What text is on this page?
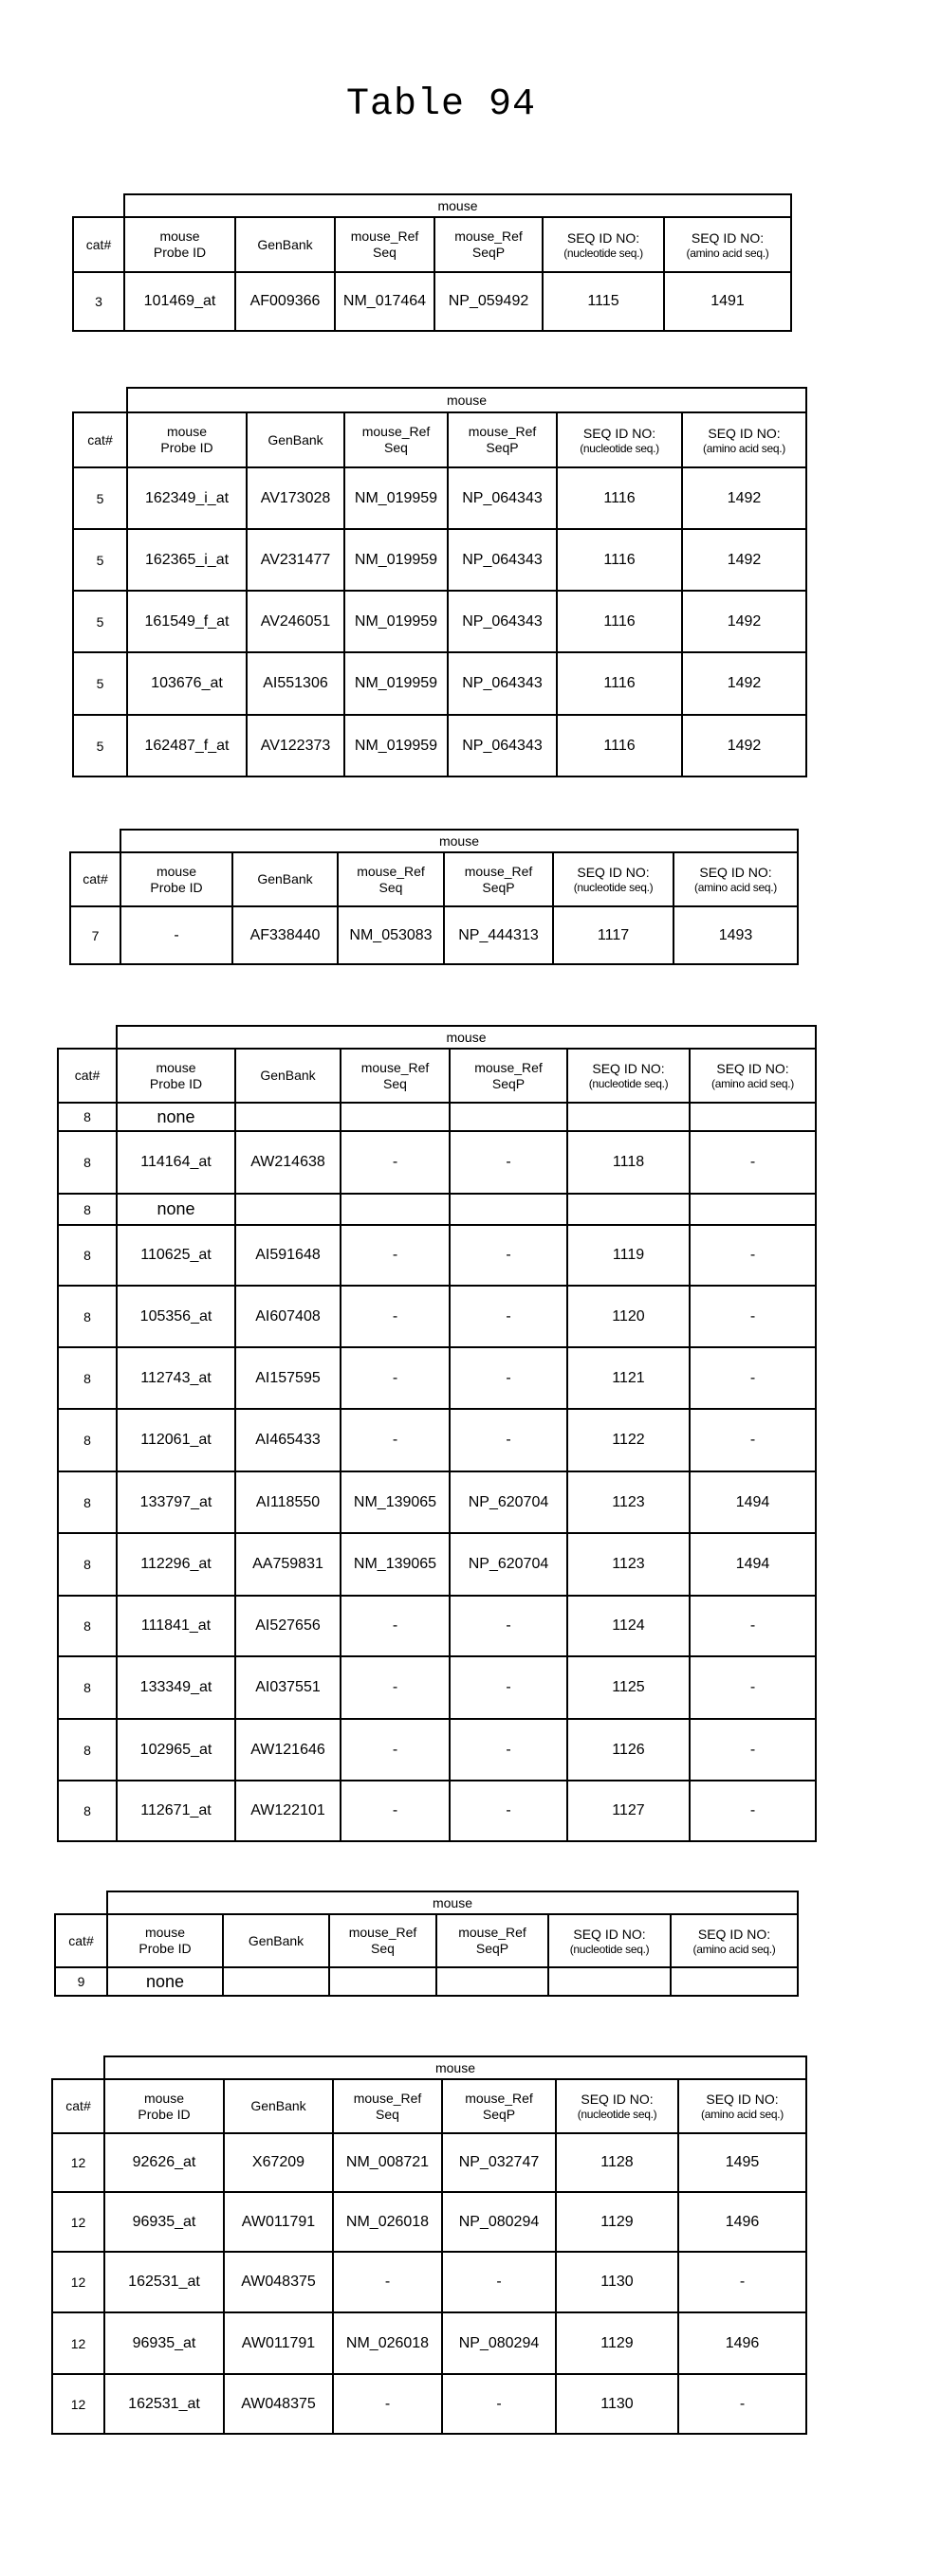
Table 94
	mouse
cat#	mouse
Probe ID	GenBank	mouse_Ref
Seq	mouse_Ref
SeqP	SEQ ID NO:
(nucleotide seq.)
	SEQ ID NO:
(amino acid seq.)

3	101469_at	AF009366	NM_017464	NP_059492	1115	1491
	mouse
cat#	mouse
Probe ID	GenBank	mouse_Ref
Seq	mouse_Ref
SeqP	SEQ ID NO:
(nucleotide seq.)
	SEQ ID NO:
(amino acid seq.)

5	162349_i_at	AV173028	NM_019959	NP_064343	1116	1492
5	162365_i_at	AV231477	NM_019959	NP_064343	1116	1492
5	161549_f_at	AV246051	NM_019959	NP_064343	1116	1492
5	103676_at	AI551306	NM_019959	NP_064343	1116	1492
5	162487_f_at	AV122373	NM_019959	NP_064343	1116	1492
	mouse
cat#	mouse
Probe ID	GenBank	mouse_Ref
Seq	mouse_Ref
SeqP	SEQ ID NO:
(nucleotide seq.)
	SEQ ID NO:
(amino acid seq.)

7	-	AF338440	NM_053083	NP_444313	1117	1493
	mouse
cat#	mouse
Probe ID	GenBank	mouse_Ref
Seq	mouse_Ref
SeqP	SEQ ID NO:
(nucleotide seq.)
	SEQ ID NO:
(amino acid seq.)

8	none					
8	114164_at	AW214638	-	-	1118	-
8	none					
8	110625_at	AI591648	-	-	1119	-
8	105356_at	AI607408	-	-	1120	-
8	112743_at	AI157595	-	-	1121	-
8	112061_at	AI465433	-	-	1122	-
8	133797_at	AI118550	NM_139065	NP_620704	1123	1494
8	112296_at	AA759831	NM_139065	NP_620704	1123	1494
8	111841_at	AI527656	-	-	1124	-
8	133349_at	AI037551	-	-	1125	-
8	102965_at	AW121646	-	-	1126	-
8	112671_at	AW122101	-	-	1127	-
	mouse
cat#	mouse
Probe ID	GenBank	mouse_Ref
Seq	mouse_Ref
SeqP	SEQ ID NO:
(nucleotide seq.)
	SEQ ID NO:
(amino acid seq.)

9	none					
	mouse
cat#	mouse
Probe ID	GenBank	mouse_Ref
Seq	mouse_Ref
SeqP	SEQ ID NO:
(nucleotide seq.)
	SEQ ID NO:
(amino acid seq.)

12	92626_at	X67209	NM_008721	NP_032747	1128	1495
12	96935_at	AW011791	NM_026018	NP_080294	1129	1496
12	162531_at	AW048375	-	-	1130	-
12	96935_at	AW011791	NM_026018	NP_080294	1129	1496
12	162531_at	AW048375	-	-	1130	-
